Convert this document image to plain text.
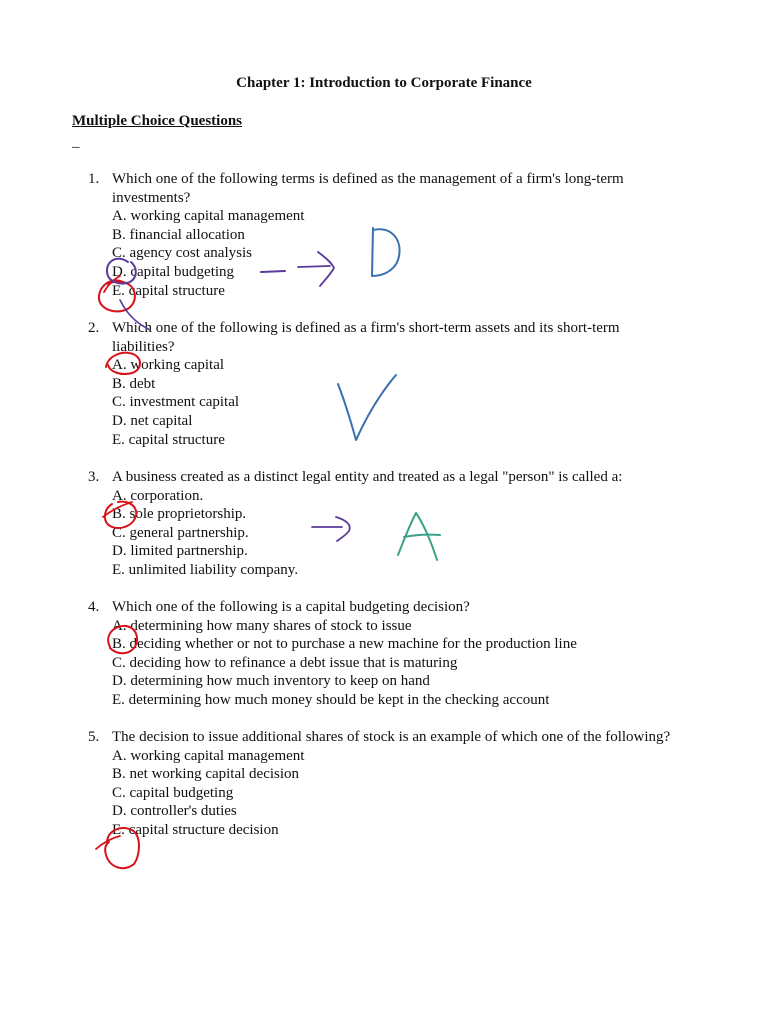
Chapter 1: Introduction to Corporate Finance
Multiple Choice Questions
_
1. Which one of the following terms is defined as the management of a firm's long-term investments?
A. working capital management
B. financial allocation
C. agency cost analysis
D. capital budgeting
E. capital structure
2. Which one of the following is defined as a firm's short-term assets and its short-term liabilities?
A. working capital
B. debt
C. investment capital
D. net capital
E. capital structure
3. A business created as a distinct legal entity and treated as a legal "person" is called a:
A. corporation.
B. sole proprietorship.
C. general partnership.
D. limited partnership.
E. unlimited liability company.
4. Which one of the following is a capital budgeting decision?
A. determining how many shares of stock to issue
B. deciding whether or not to purchase a new machine for the production line
C. deciding how to refinance a debt issue that is maturing
D. determining how much inventory to keep on hand
E. determining how much money should be kept in the checking account
5. The decision to issue additional shares of stock is an example of which one of the following?
A. working capital management
B. net working capital decision
C. capital budgeting
D. controller's duties
E. capital structure decision
